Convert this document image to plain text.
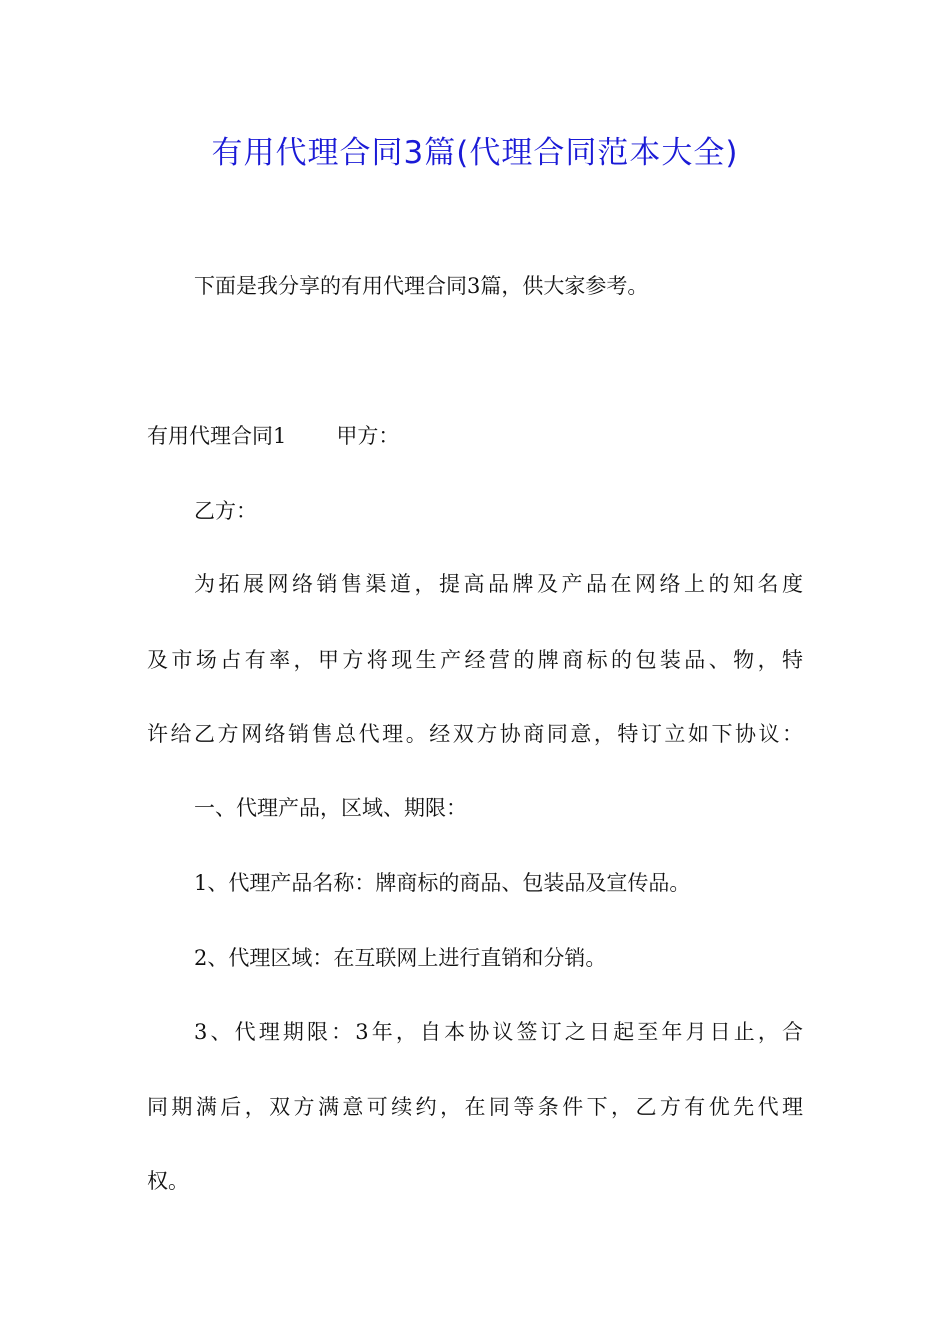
有用代理合同3篇(代理合同范本大全)
下面是我分享的有用代理合同3篇，供大家参考。
有用代理合同1 甲方：
乙方：
为拓展网络销售渠道，提高品牌及产品在网络上的知名度
及市场占有率，甲方将现生产经营的牌商标的包装品、物，特
许给乙方网络销售总代理。经双方协商同意，特订立如下协议：
一、代理产品，区域、期限：
1、代理产品名称：牌商标的商品、包装品及宣传品。
2、代理区域：在互联网上进行直销和分销。
3、代理期限：3年，自本协议签订之日起至年月日止，合
同期满后，双方满意可续约，在同等条件下，乙方有优先代理
权。
